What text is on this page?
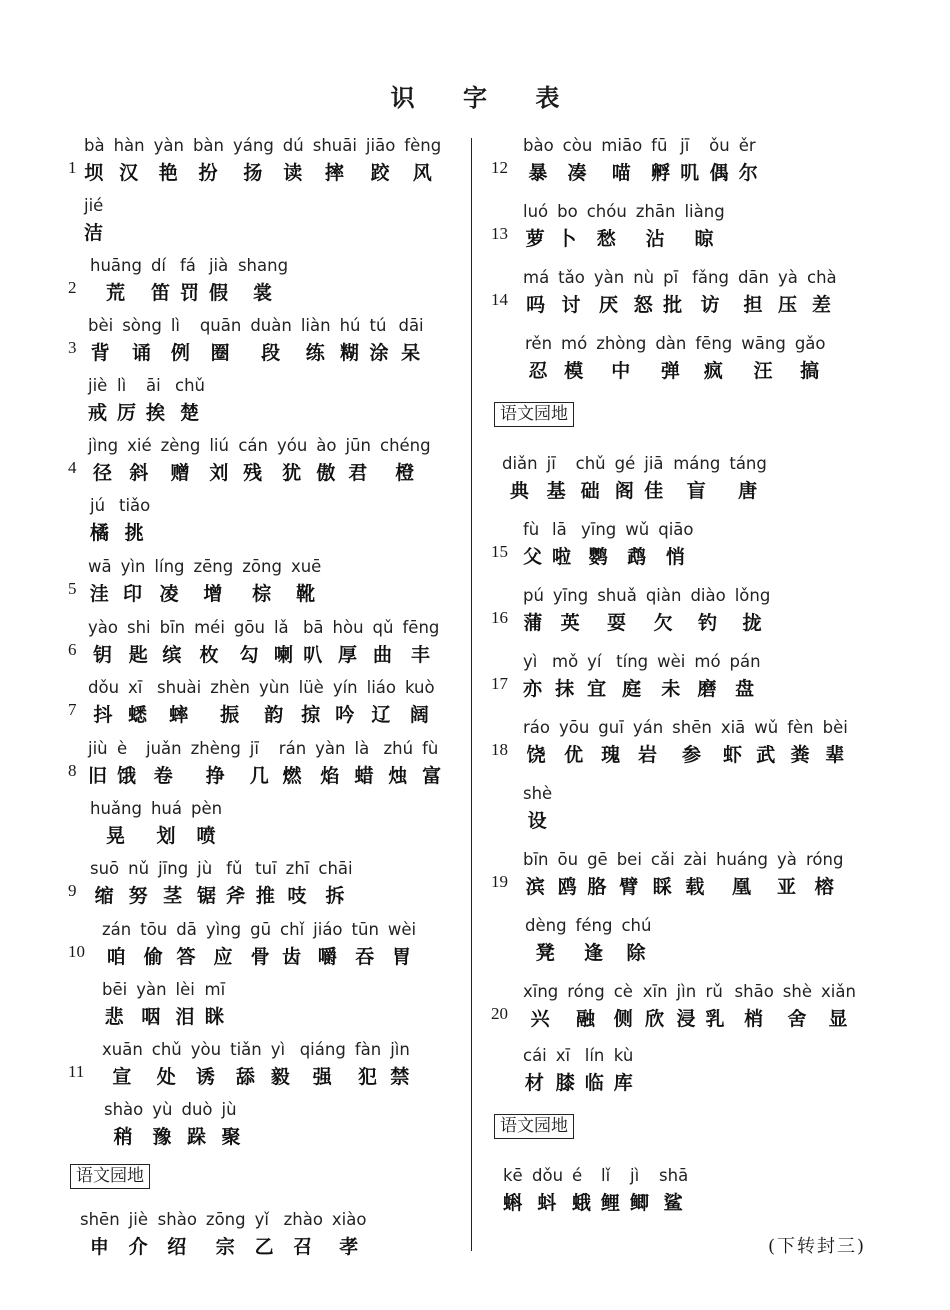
识 字 表
1
bà
坝
hàn
汉
yàn
艳
bàn
扮
yáng
扬
dú
读
shuāi
摔
jiāo
跤
fèng
风
jié
洁
2
huāng
荒
dí
笛
fá
罚
jià
假
shang
裳
3
bèi
背
sòng
诵
lì
例
quān
圈
duàn
段
liàn
练
hú
糊
tú
涂
dāi
呆
jiè
戒
lì
厉
āi
挨
chǔ
楚
4
jìng
径
xié
斜
zèng
赠
liú
刘
cán
残
yóu
犹
ào
傲
jūn
君
chéng
橙
jú
橘
tiǎo
挑
5
wā
洼
yìn
印
líng
凌
zēng
增
zōng
棕
xuē
靴
6
yào
钥
shi
匙
bīn
缤
méi
枚
gōu
勾
lǎ
喇
bā
叭
hòu
厚
qǔ
曲
fēng
丰
7
dǒu
抖
xī
蟋
shuài
蟀
zhèn
振
yùn
韵
lüè
掠
yín
吟
liáo
辽
kuò
阔
8
jiù
旧
è
饿
juǎn
卷
zhèng
挣
jī
几
rán
燃
yàn
焰
là
蜡
zhú
烛
fù
富
huǎng
晃
huá
划
pèn
喷
9
suō
缩
nǔ
努
jīng
茎
jù
锯
fǔ
斧
tuī
推
zhī
吱
chāi
拆
10
zán
咱
tōu
偷
dā
答
yìng
应
gū
骨
chǐ
齿
jiáo
嚼
tūn
吞
wèi
胃
bēi
悲
yàn
咽
lèi
泪
mī
眯
11
xuān
宣
chǔ
处
yòu
诱
tiǎn
舔
yì
毅
qiáng
强
fàn
犯
jìn
禁
shào
稍
yù
豫
duò
跺
jù
聚
语文园地
shēn
申
jiè
介
shào
绍
zōng
宗
yǐ
乙
zhào
召
xiào
孝
12
bào
暴
còu
凑
miāo
喵
fū
孵
jī
叽
ǒu
偶
ěr
尔
13
luó
萝
bo
卜
chóu
愁
zhān
沾
liàng
晾
14
má
吗
tǎo
讨
yàn
厌
nù
怒
pī
批
fǎng
访
dān
担
yà
压
chà
差
rěn
忍
mó
模
zhòng
中
dàn
弹
fēng
疯
wāng
汪
gǎo
搞
语文园地
diǎn
典
jī
基
chǔ
础
gé
阁
jiā
佳
máng
盲
táng
唐
15
fù
父
lā
啦
yīng
鹦
wǔ
鹉
qiāo
悄
16
pú
蒲
yīng
英
shuǎ
耍
qiàn
欠
diào
钓
lǒng
拢
17
yì
亦
mǒ
抹
yí
宜
tíng
庭
wèi
未
mó
磨
pán
盘
18
ráo
饶
yōu
优
guī
瑰
yán
岩
shēn
参
xiā
虾
wǔ
武
fèn
粪
bèi
辈
shè
设
19
bīn
滨
ōu
鸥
gē
胳
bei
臂
cǎi
睬
zài
载
huáng
凰
yà
亚
róng
榕
dèng
凳
féng
逢
chú
除
20
xīng
兴
róng
融
cè
侧
xīn
欣
jìn
浸
rǔ
乳
shāo
梢
shè
舍
xiǎn
显
cái
材
xī
膝
lín
临
kù
库
语文园地
kē
蝌
dǒu
蚪
é
蛾
lǐ
鲤
jì
鲫
shā
鲨
(下转封三)
